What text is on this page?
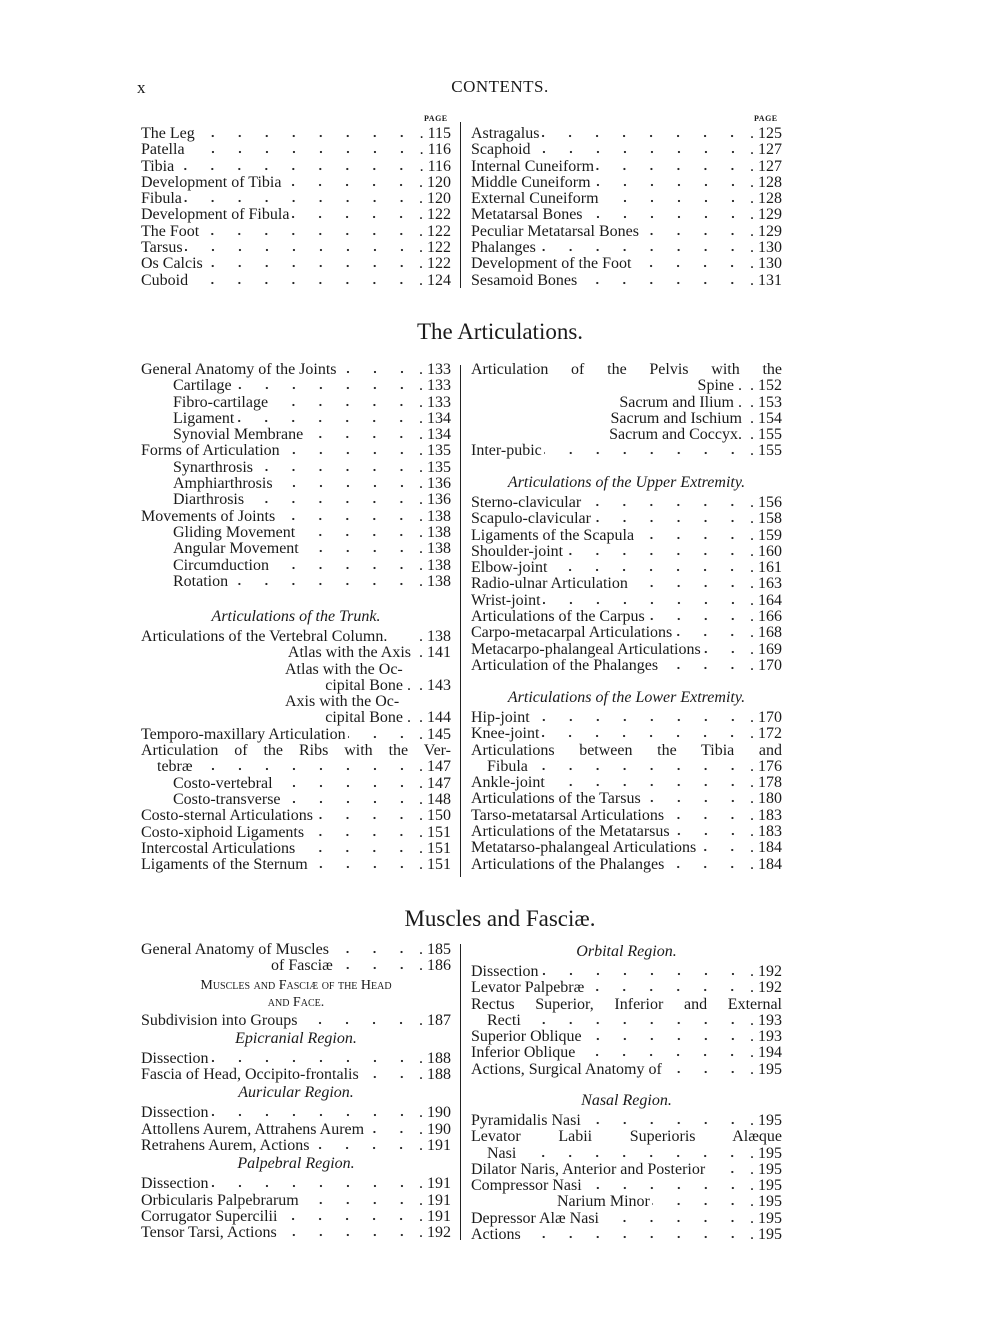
x	CONTENTS.
PAGE	PAGE
The Articulations.
Muscles and Fasciæ.
The Leg	. 115
Patella	. 116
Tibia	. 116
Development of Tibia	. 120
Fibula	. 120
Development of Fibula	. 122
The Foot	. 122
Tarsus	. 122
Os Calcis	. 122
Cuboid	. 124
Astragalus	. 125
Scaphoid	. 127
Internal Cuneiform	. 127
Middle Cuneiform	. 128
External Cuneiform	. 128
Metatarsal Bones	. 129
Peculiar Metatarsal Bones	. 129
Phalanges	. 130
Development of the Foot	. 130
Sesamoid Bones	. 131
General Anatomy of the Joints	. 133
Cartilage	. 133
Fibro-cartilage	. 133
Ligament	. 134
Synovial Membrane	. 134
Forms of Articulation	. 135
Synarthrosis	. 135
Amphiarthrosis	. 136
Diarthrosis	. 136
Movements of Joints	. 138
Gliding Movement	. 138
Angular Movement	. 138
Circumduction	. 138
Rotation	. 138
Articulations of the Trunk.
Articulations of the Vertebral Column.	. 138
Atlas with the Axis	. 141
Atlas with the Oc-
cipital Bone .	. 143
Axis with the Oc-
cipital Bone .	. 144
Temporo-maxillary Articulation	. 145
Articulation of the Ribs with the Ver-
tebræ	. 147
Costo-vertebral	. 147
Costo-transverse	. 148
Costo-sternal Articulations	. 150
Costo-xiphoid Ligaments	. 151
Intercostal Articulations	. 151
Ligaments of the Sternum	. 151
Articulation of the Pelvis with the
Spine .	. 152
Sacrum and Ilium .	. 153
Sacrum and Ischium	. 154
Sacrum and Coccyx.	. 155
Inter-pubic	. 155
Articulations of the Upper Extremity.
Sterno-clavicular	. 156
Scapulo-clavicular	. 158
Ligaments of the Scapula	. 159
Shoulder-joint	. 160
Elbow-joint	. 161
Radio-ulnar Articulation	. 163
Wrist-joint	. 164
Articulations of the Carpus	. 166
Carpo-metacarpal Articulations	. 168
Metacarpo-phalangeal Articulations	. 169
Articulation of the Phalanges	. 170
Articulations of the Lower Extremity.
Hip-joint	. 170
Knee-joint	. 172
Articulations between the Tibia and
Fibula	. 176
Ankle-joint	. 178
Articulations of the Tarsus	. 180
Tarso-metatarsal Articulations	. 183
Articulations of the Metatarsus	. 183
Metatarso-phalangeal Articulations	. 184
Articulations of the Phalanges	. 184
General Anatomy of Muscles	. 185
of Fasciæ	. 186
Muscles and Fasciæ of the Head
and Face.
Subdivision into Groups	. 187
Epicranial Region.
Dissection	. 188
Fascia of Head, Occipito-frontalis	. 188
Auricular Region.
Dissection	. 190
Attollens Aurem, Attrahens Aurem	. 190
Retrahens Aurem, Actions	. 191
Palpebral Region.
Dissection	. 191
Orbicularis Palpebrarum	. 191
Corrugator Supercilii	. 191
Tensor Tarsi, Actions	. 192
Orbital Region.
Dissection	. 192
Levator Palpebræ	. 192
Rectus Superior, Inferior and External
Recti	. 193
Superior Oblique	. 193
Inferior Oblique	. 194
Actions, Surgical Anatomy of	. 195
Nasal Region.
Pyramidalis Nasi	. 195
Levator Labii Superioris Alæque
Nasi	. 195
Dilator Naris, Anterior and Posterior	. 195
Compressor Nasi	. 195
Narium Minor	. 195
Depressor Alæ Nasi	. 195
Actions	. 195
